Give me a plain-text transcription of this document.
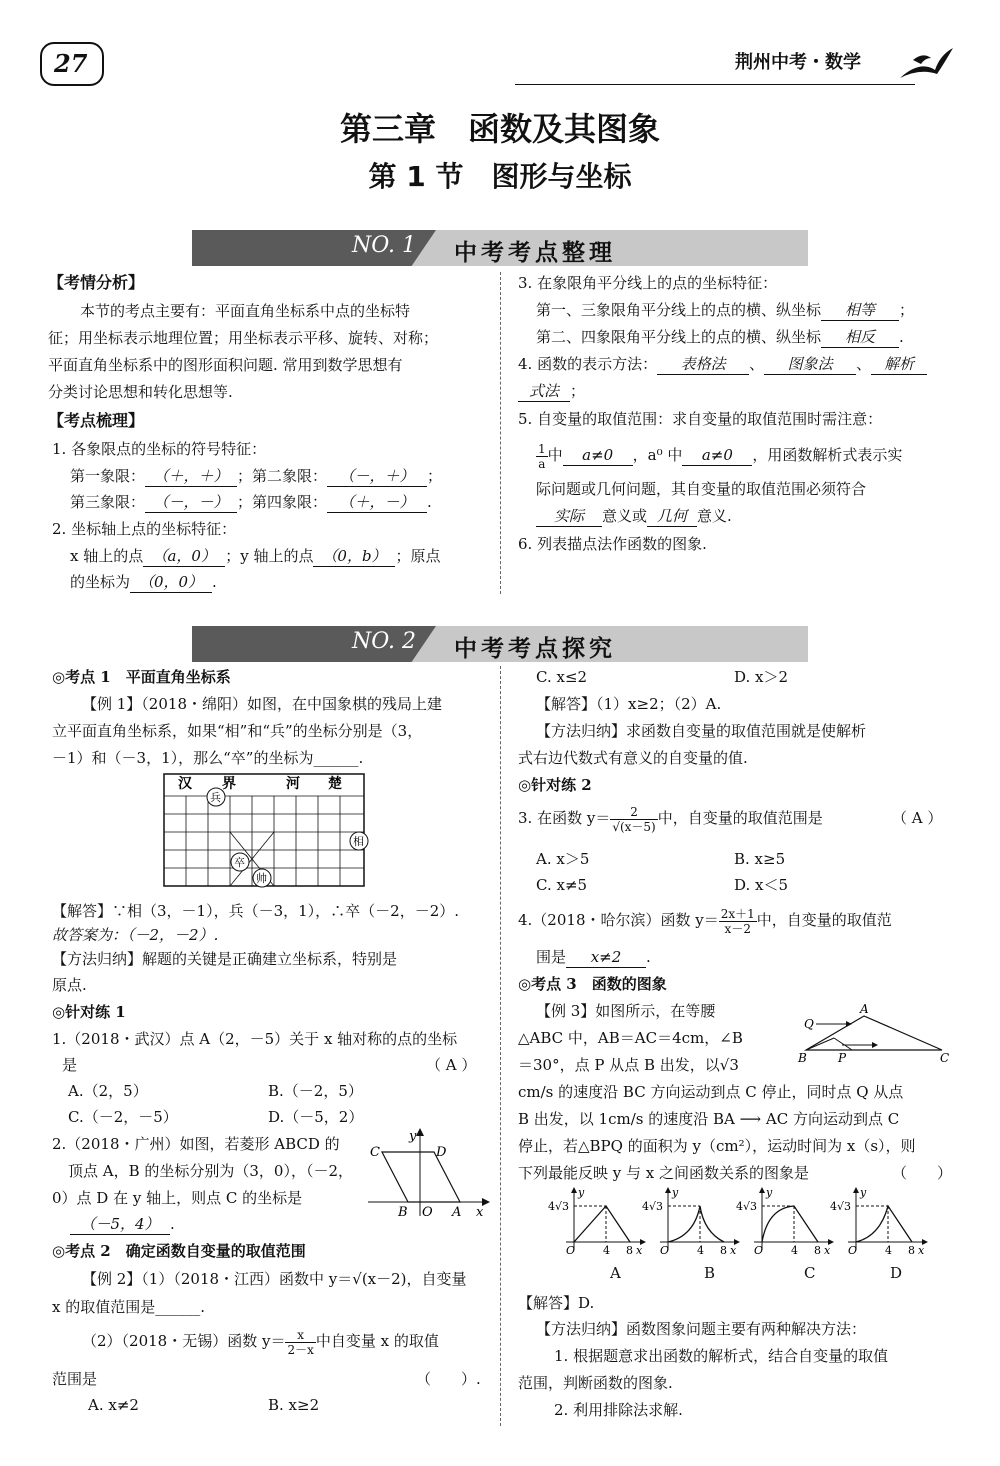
27	荆州中考・数学
第三章　函数及其图象
第 1 节　图形与坐标
NO. 1 中考考点整理
【考情分析】
本节的考点主要有：平面直角坐标系中点的坐标特
征；用坐标表示地理位置；用坐标表示平移、旋转、对称；
平面直角坐标系中的图形面积问题. 常用到数学思想有
分类讨论思想和转化思想等.
【考点梳理】
1. 各象限点的坐标的符号特征：
第一象限： （＋，＋） ；第二象限： （－，＋） ；
第三象限： （－，－） ；第四象限： （＋，－） .
2. 坐标轴上点的坐标特征：
x 轴上的点 （a，0） ；y 轴上的点 （0，b） ；原点
的坐标为 （0，0） .
3. 在象限角平分线上的点的坐标特征：
第一、三象限角平分线上的点的横、纵坐标 相等 ；
第二、四象限角平分线上的点的横、纵坐标 相反 .
4. 函数的表示方法： 表格法 、 图象法 、 解析
式法 ；
5. 自变量的取值范围：求自变量的取值范围时需注意：
$\frac{1}{a}$ 中 a≠0 ，a⁰ 中 a≠0 ，用函数解析式表示实
际问题或几何问题，其自变量的取值范围必须符合
实际 意义或 几何 意义.
6. 列表描点法作函数的图象.
NO. 2 中考考点探究
◎考点 1　平面直角坐标系
【例 1】（2018・绵阳）如图，在中国象棋的残局上建
立平面直角坐标系，如果“相”和“兵”的坐标分别是（3，
－1）和（－3，1），那么“卒”的坐标为______.
汉 界	河 楚
兵
相
卒
帅
【解答】∵相（3，－1），兵（－3，1），∴卒（－2，－2）.
故答案为：（－2，－2）.
【方法归纳】解题的关键是正确建立坐标系，特别是
原点.
◎针对练 1
1.（2018・武汉）点 A（2，－5）关于 x 轴对称的点的坐标
是	（ A ）
A.（2，5）	B.（－2，5）
C.（－2，－5）	D.（－5，2）
2.（2018・广州）如图，若菱形 ABCD 的
顶点 A，B 的坐标分别为（3，0），（－2，
0）点 D 在 y 轴上，则点 C 的坐标是
（－5，4） .
y
C	D
B O A x
◎考点 2　确定函数自变量的取值范围
【例 2】（1）（2018・江西）函数中 y＝√(x－2)，自变量
x 的取值范围是______.
（2）（2018・无锡）函数 $y= \frac{x}{2-x}$ 中自变量 x 的取值
范围是	（　　）.
A. x≠2	B. x≥2
C. x≤2	D. x＞2
【解答】（1）x≥2；（2）A.
【方法归纳】求函数自变量的取值范围就是使解析
式右边代数式有意义的自变量的值.
◎针对练 2
3. 在函数 $y= \frac{2}{√(x-5)}$ 中，自变量的取值范围是	（ A ）
A. x＞5	B. x≥5
C. x≠5	D. x＜5
4.（2018・哈尔滨）函数 $y= \frac{2x+1}{x-2}$ 中，自变量的取值范
围是 x≠2 .
◎考点 3　函数的图象
【例 3】如图所示，在等腰
△ABC 中，AB＝AC＝4cm，∠B
＝30°，点 P 从点 B 出发，以√3
cm/s 的速度沿 BC 方向运动到点 C 停止，同时点 Q 从点
B 出发，以 1cm/s 的速度沿 BA ⟶ AC 方向运动到点 C
停止，若△BPQ 的面积为 y（cm²），运动时间为 x（s），则
下列最能反映 y 与 x 之间函数关系的图象是	（　　）
A
Q
B	P	C
4√3
O	4 8 x
y
4√3
O	4 8 x
y
4√3
O	4 8 x
y
4√3
O	4 8 x
y
A	B	C	D
【解答】D.
【方法归纳】函数图象问题主要有两种解决方法：
1. 根据题意求出函数的解析式，结合自变量的取值
范围，判断函数的图象.
2. 利用排除法求解.
